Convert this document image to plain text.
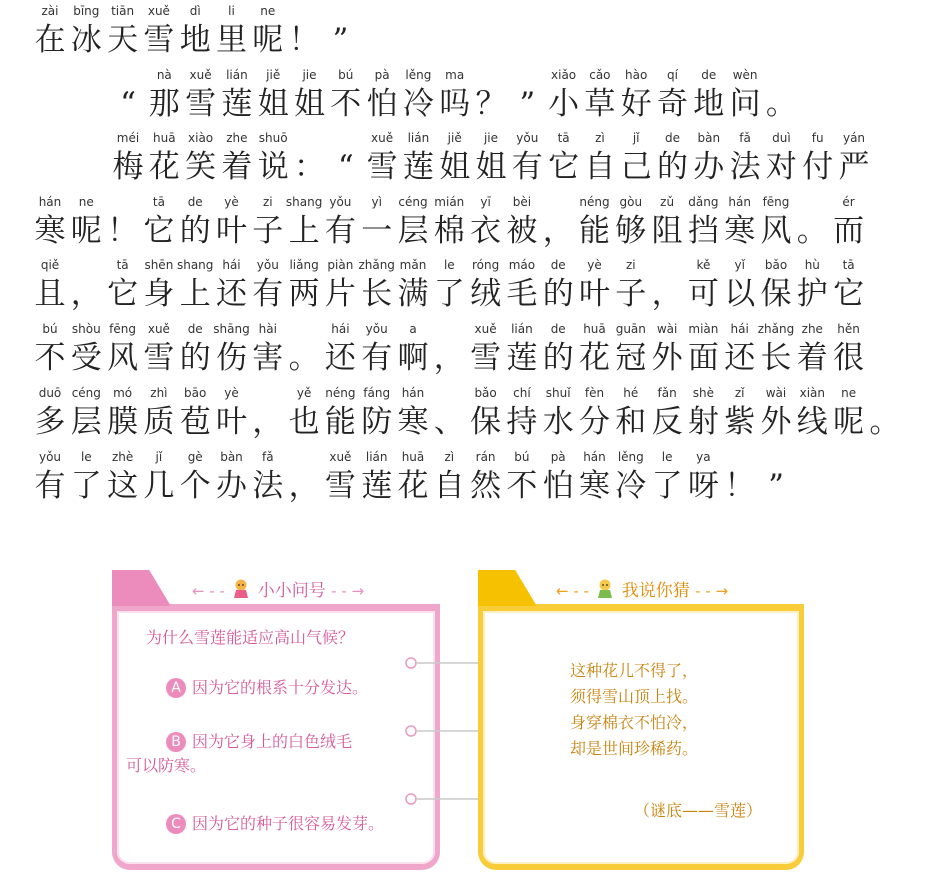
zài
在
bīng
冰
tiān
天
xuě
雪
dì
地
li
里
ne
呢 ！ ”
“
nà
那
xuě
雪
lián
莲
jiě
姐
jie
姐
bú
不
pà
怕
lěng
冷
ma
吗 ？ ”
xiǎo
小
cǎo
草
hào
好
qí
奇
de
地
wèn
问 。
méi
梅
huā
花
xiào
笑
zhe
着
shuō
说 ： “
xuě
雪
lián
莲
jiě
姐
jie
姐
yǒu
有
tā
它
zì
自
jǐ
己
de
的
bàn
办
fǎ
法
duì
对
fu
付
yán
严
hán
寒
ne
呢 ！
tā
它
de
的
yè
叶
zi
子
shang
上
yǒu
有
yì
一
céng
层
mián
棉
yī
衣
bèi
被 ，
néng
能
gòu
够
zǔ
阻
dǎng
挡
hán
寒
fēng
风 。
ér
而
qiě
且 ，
tā
它
shēn
身
shang
上
hái
还
yǒu
有
liǎng
两
piàn
片
zhǎng
长
mǎn
满
le
了
róng
绒
máo
毛
de
的
yè
叶
zi
子 ，
kě
可
yǐ
以
bǎo
保
hù
护
tā
它
bú
不
shòu
受
fēng
风
xuě
雪
de
的
shāng
伤
hài
害 。
hái
还
yǒu
有
a
啊 ，
xuě
雪
lián
莲
de
的
huā
花
guān
冠
wài
外
miàn
面
hái
还
zhǎng
长
zhe
着
hěn
很
duō
多
céng
层
mó
膜
zhì
质
bāo
苞
yè
叶 ，
yě
也
néng
能
fáng
防
hán
寒 、
bǎo
保
chí
持
shuǐ
水
fèn
分
hé
和
fǎn
反
shè
射
zǐ
紫
wài
外
xiàn
线
ne
呢 。
yǒu
有
le
了
zhè
这
jǐ
几
gè
个
bàn
办
fǎ
法 ，
xuě
雪
lián
莲
huā
花
zì
自
rán
然
bú
不
pà
怕
hán
寒
lěng
冷
le
了
ya
呀 ！ ”
← - - 小小问号 - - →
为什么雪莲能适应高山气候？
A 因为它的根系十分发达。
B 因为它身上的白色绒毛
可以防寒。
C 因为它的种子很容易发芽。
← - - 我说你猜 - - →
这种花儿不得了，
须得雪山顶上找。
身穿棉衣不怕冷，
却是世间珍稀药。
（谜底——雪莲）
